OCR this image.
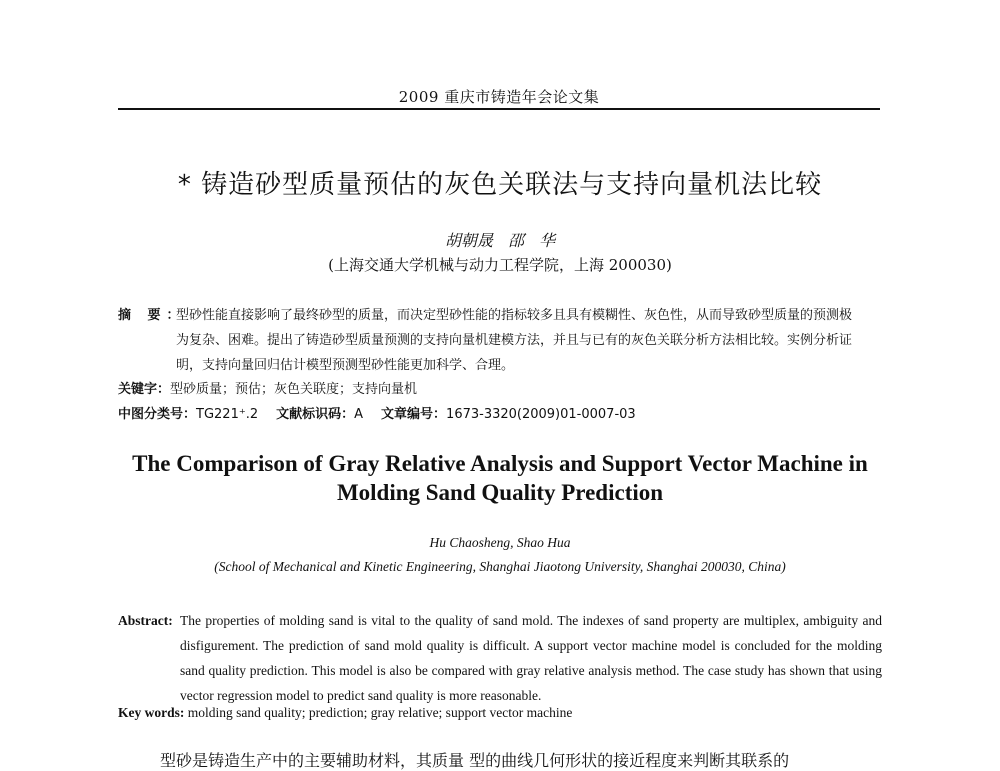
2009 重庆市铸造年会论文集
* 铸造砂型质量预估的灰色关联法与支持向量机法比较
胡朝晟 邵 华
(上海交通大学机械与动力工程学院，上海 200030)
摘 要：
型砂性能直接影响了最终砂型的质量，而决定型砂性能的指标较多且具有模糊性、灰色性，从而导致砂型质量的预测极为复杂、困难。提出了铸造砂型质量预测的支持向量机建模方法，并且与已有的灰色关联分析方法相比较。实例分析证明，支持向量回归估计模型预测型砂性能更加科学、合理。
关键字：型砂质量；预估；灰色关联度；支持向量机
中图分类号：TG221⁺.2 文献标识码：A 文章编号：1673-3320(2009)01-0007-03
The Comparison of Gray Relative Analysis and Support Vector Machine in
Molding Sand Quality Prediction
Hu Chaosheng, Shao Hua
(School of Mechanical and Kinetic Engineering, Shanghai Jiaotong University, Shanghai 200030, China)
Abstract: The properties of molding sand is vital to the quality of sand mold. The indexes of sand property are multiplex, ambiguity and disfigurement. The prediction of sand mold quality is difficult. A support vector machine model is concluded for the molding sand quality prediction. This model is also be compared with gray relative analysis method. The case study has shown that using vector regression model to predict sand quality is more reasonable.
Key words: molding sand quality; prediction; gray relative; support vector machine
型砂是铸造生产中的主要辅助材料，其质量 型的曲线几何形状的接近程度来判断其联系的
